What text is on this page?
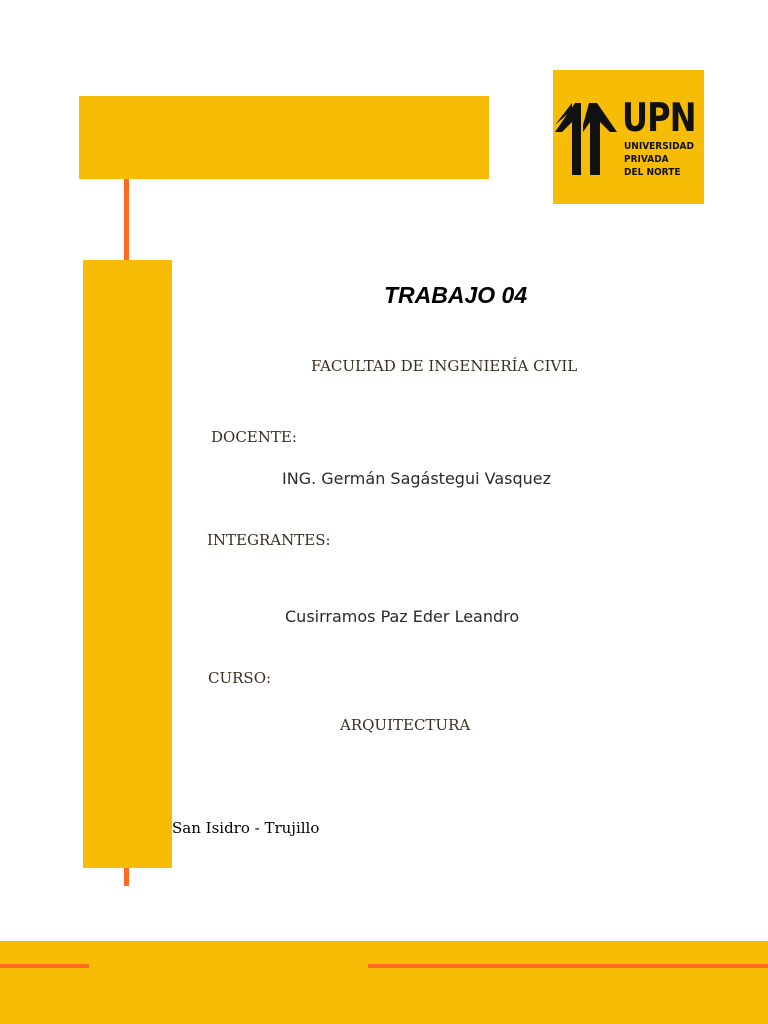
UPN
UNIVERSIDAD
PRIVADA
DEL NORTE
TRABAJO 04
FACULTAD DE INGENIERÍA CIVIL
DOCENTE:
ING. Germán Sagástegui Vasquez
INTEGRANTES:
Cusirramos Paz Eder Leandro
CURSO:
ARQUITECTURA
San Isidro - Trujillo
